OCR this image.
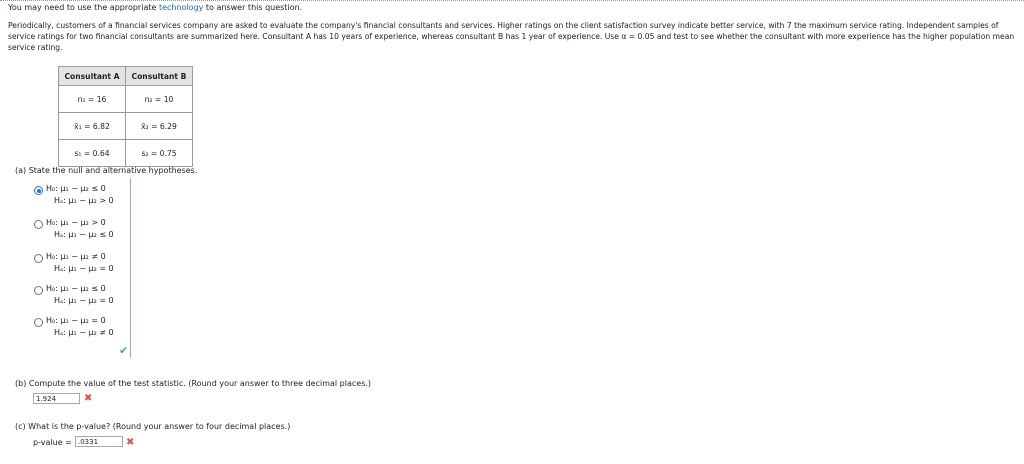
You may need to use the appropriate technology to answer this question.
Periodically, customers of a financial services company are asked to evaluate the company's financial consultants and services. Higher ratings on the client satisfaction survey indicate better service, with 7 the maximum service rating. Independent samples of service ratings for two financial consultants are summarized here. Consultant A has 10 years of experience, whereas consultant B has 1 year of experience. Use α = 0.05 and test to see whether the consultant with more experience has the higher population mean service rating.
Consultant A	Consultant B
n₁ = 16	n₂ = 10
x̄₁ = 6.82	x̄₂ = 6.29
s₁ = 0.64	s₂ = 0.75
(a) State the null and alternative hypotheses.
H₀: μ₁ − μ₂ ≤ 0
Hₐ: μ₁ − μ₂ > 0
H₀: μ₁ − μ₂ > 0
Hₐ: μ₁ − μ₂ ≤ 0
H₀: μ₁ − μ₂ ≠ 0
Hₐ: μ₁ − μ₂ = 0
H₀: μ₁ − μ₂ ≤ 0
Hₐ: μ₁ − μ₂ = 0
H₀: μ₁ − μ₂ = 0
Hₐ: μ₁ − μ₂ ≠ 0
✔
(b) Compute the value of the test statistic. (Round your answer to three decimal places.)
1.924	✖
(c) What is the p-value? (Round your answer to four decimal places.)
p-value = .0331	✖
